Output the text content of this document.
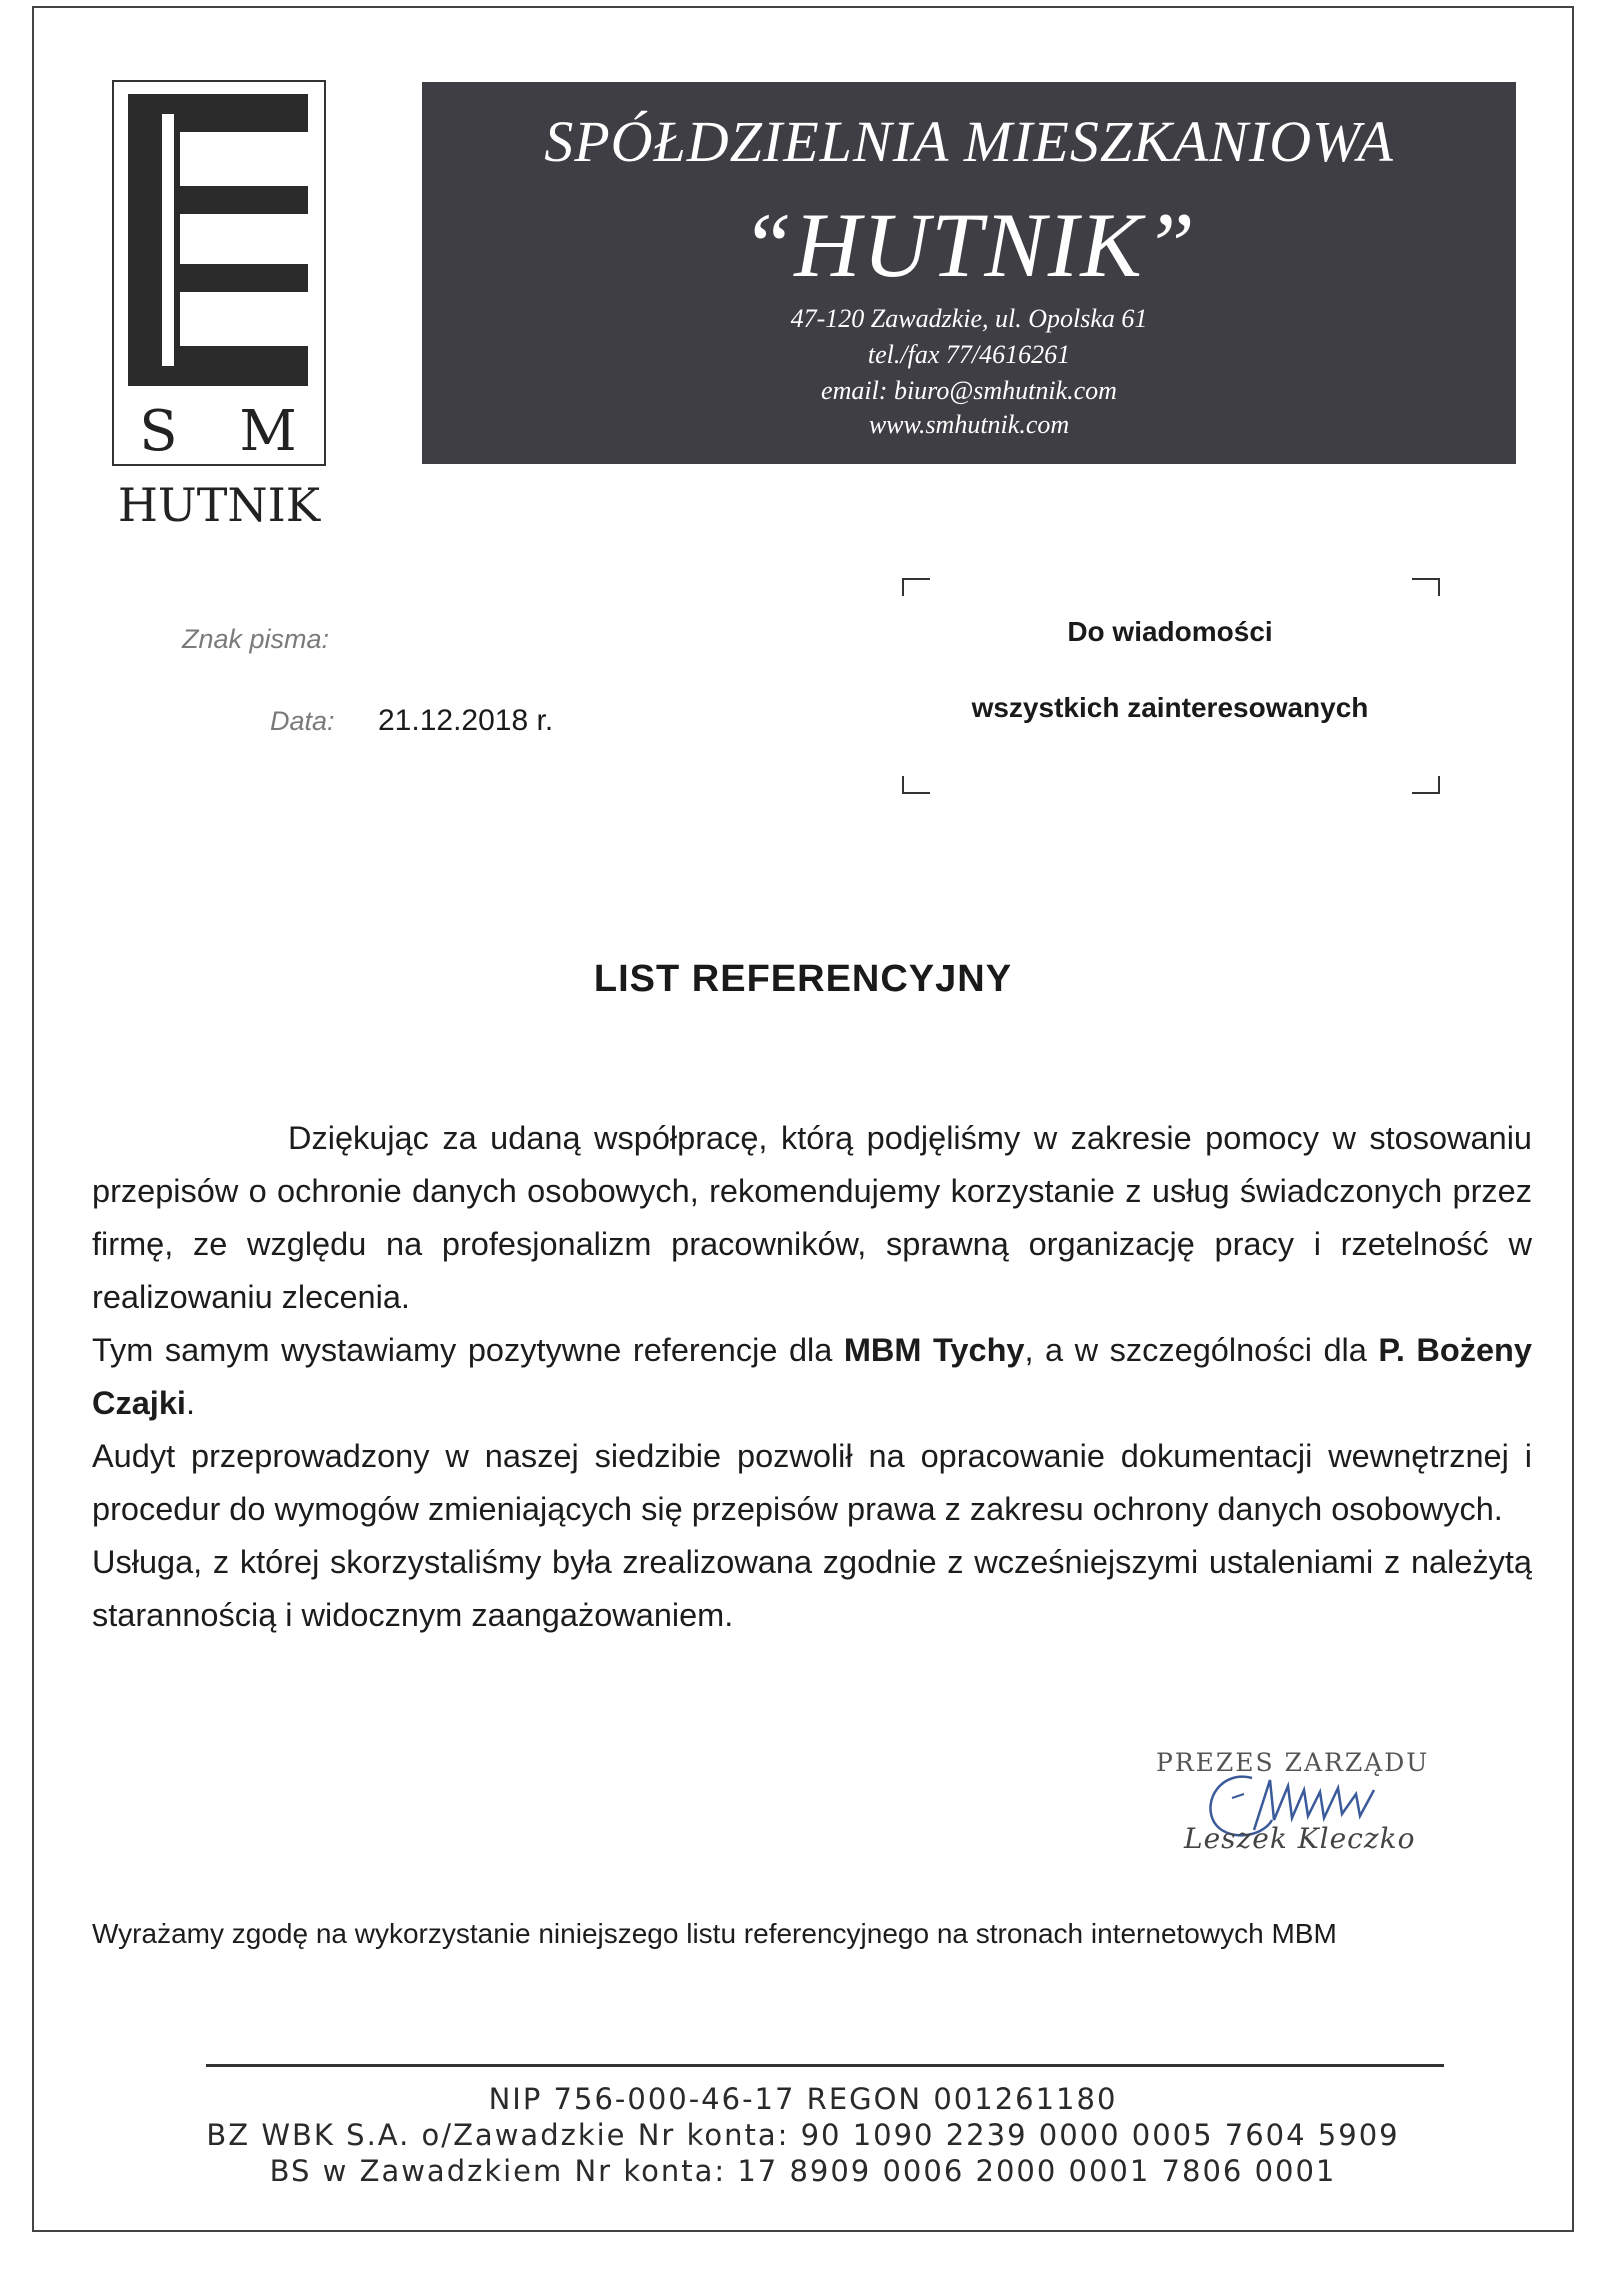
S M
HUTNIK
SPÓŁDZIELNIA MIESZKANIOWA
“HUTNIK”
47-120 Zawadzkie, ul. Opolska 61
tel./fax 77/4616261
email: biuro@smhutnik.com
www.smhutnik.com
Znak pisma:
Data: 21.12.2018 r.
Do wiadomości
wszystkich zainteresowanych
LIST REFERENCYJNY

Dziękując za udaną współpracę, którą podjęliśmy w zakresie pomocy w stosowaniu przepisów o ochronie danych osobowych, rekomendujemy korzystanie z usług świadczonych przez firmę, ze względu na profesjonalizm pracowników, sprawną organizację pracy i rzetelność w realizowaniu zlecenia.

Tym samym wystawiamy pozytywne referencje dla MBM Tychy, a w szczególności dla P. Bożeny Czajki.

Audyt przeprowadzony w naszej siedzibie pozwolił na opracowanie dokumentacji wewnętrznej i procedur do wymogów zmieniających się przepisów prawa z zakresu ochrony danych osobowych.

Usługa, z której skorzystaliśmy była zrealizowana zgodnie z wcześniejszymi ustaleniami z należytą starannością i widocznym zaangażowaniem.

PREZES ZARZĄDU
Leszek Kleczko
Wyrażamy zgodę na wykorzystanie niniejszego listu referencyjnego na stronach internetowych MBM
NIP 756-000-46-17 REGON 001261180
BZ WBK S.A. o/Zawadzkie Nr konta: 90 1090 2239 0000 0005 7604 5909
BS w Zawadzkiem Nr konta: 17 8909 0006 2000 0001 7806 0001
